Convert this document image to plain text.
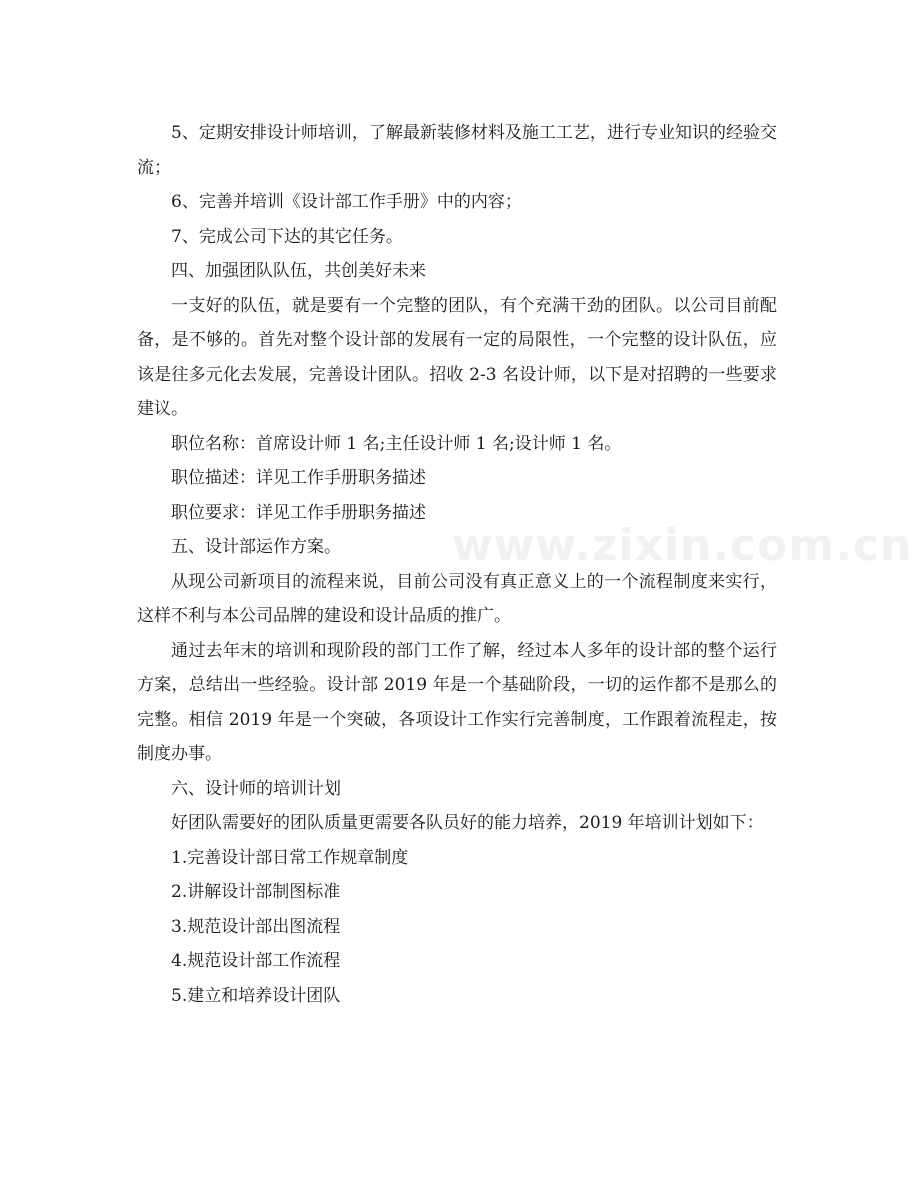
www.zixin.com.cn

5、定期安排设计师培训，了解最新装修材料及施工工艺，进行专业知识的经验交流；

6、完善并培训《设计部工作手册》中的内容；

7、完成公司下达的其它任务。

四、加强团队队伍，共创美好未来

一支好的队伍，就是要有一个完整的团队，有个充满干劲的团队。以公司目前配备，是不够的。首先对整个设计部的发展有一定的局限性，一个完整的设计队伍，应该是往多元化去发展，完善设计团队。招收 2-3 名设计师，以下是对招聘的一些要求建议。

职位名称：首席设计师 1 名;主任设计师 1 名;设计师 1 名。

职位描述：详见工作手册职务描述

职位要求：详见工作手册职务描述

五、设计部运作方案。

从现公司新项目的流程来说，目前公司没有真正意义上的一个流程制度来实行，这样不利与本公司品牌的建设和设计品质的推广。

通过去年末的培训和现阶段的部门工作了解，经过本人多年的设计部的整个运行方案，总结出一些经验。设计部 2019 年是一个基础阶段，一切的运作都不是那么的完整。相信 2019 年是一个突破，各项设计工作实行完善制度，工作跟着流程走，按制度办事。

六、设计师的培训计划

好团队需要好的团队质量更需要各队员好的能力培养，2019 年培训计划如下：

1.完善设计部日常工作规章制度

2.讲解设计部制图标准

3.规范设计部出图流程

4.规范设计部工作流程

5.建立和培养设计团队
